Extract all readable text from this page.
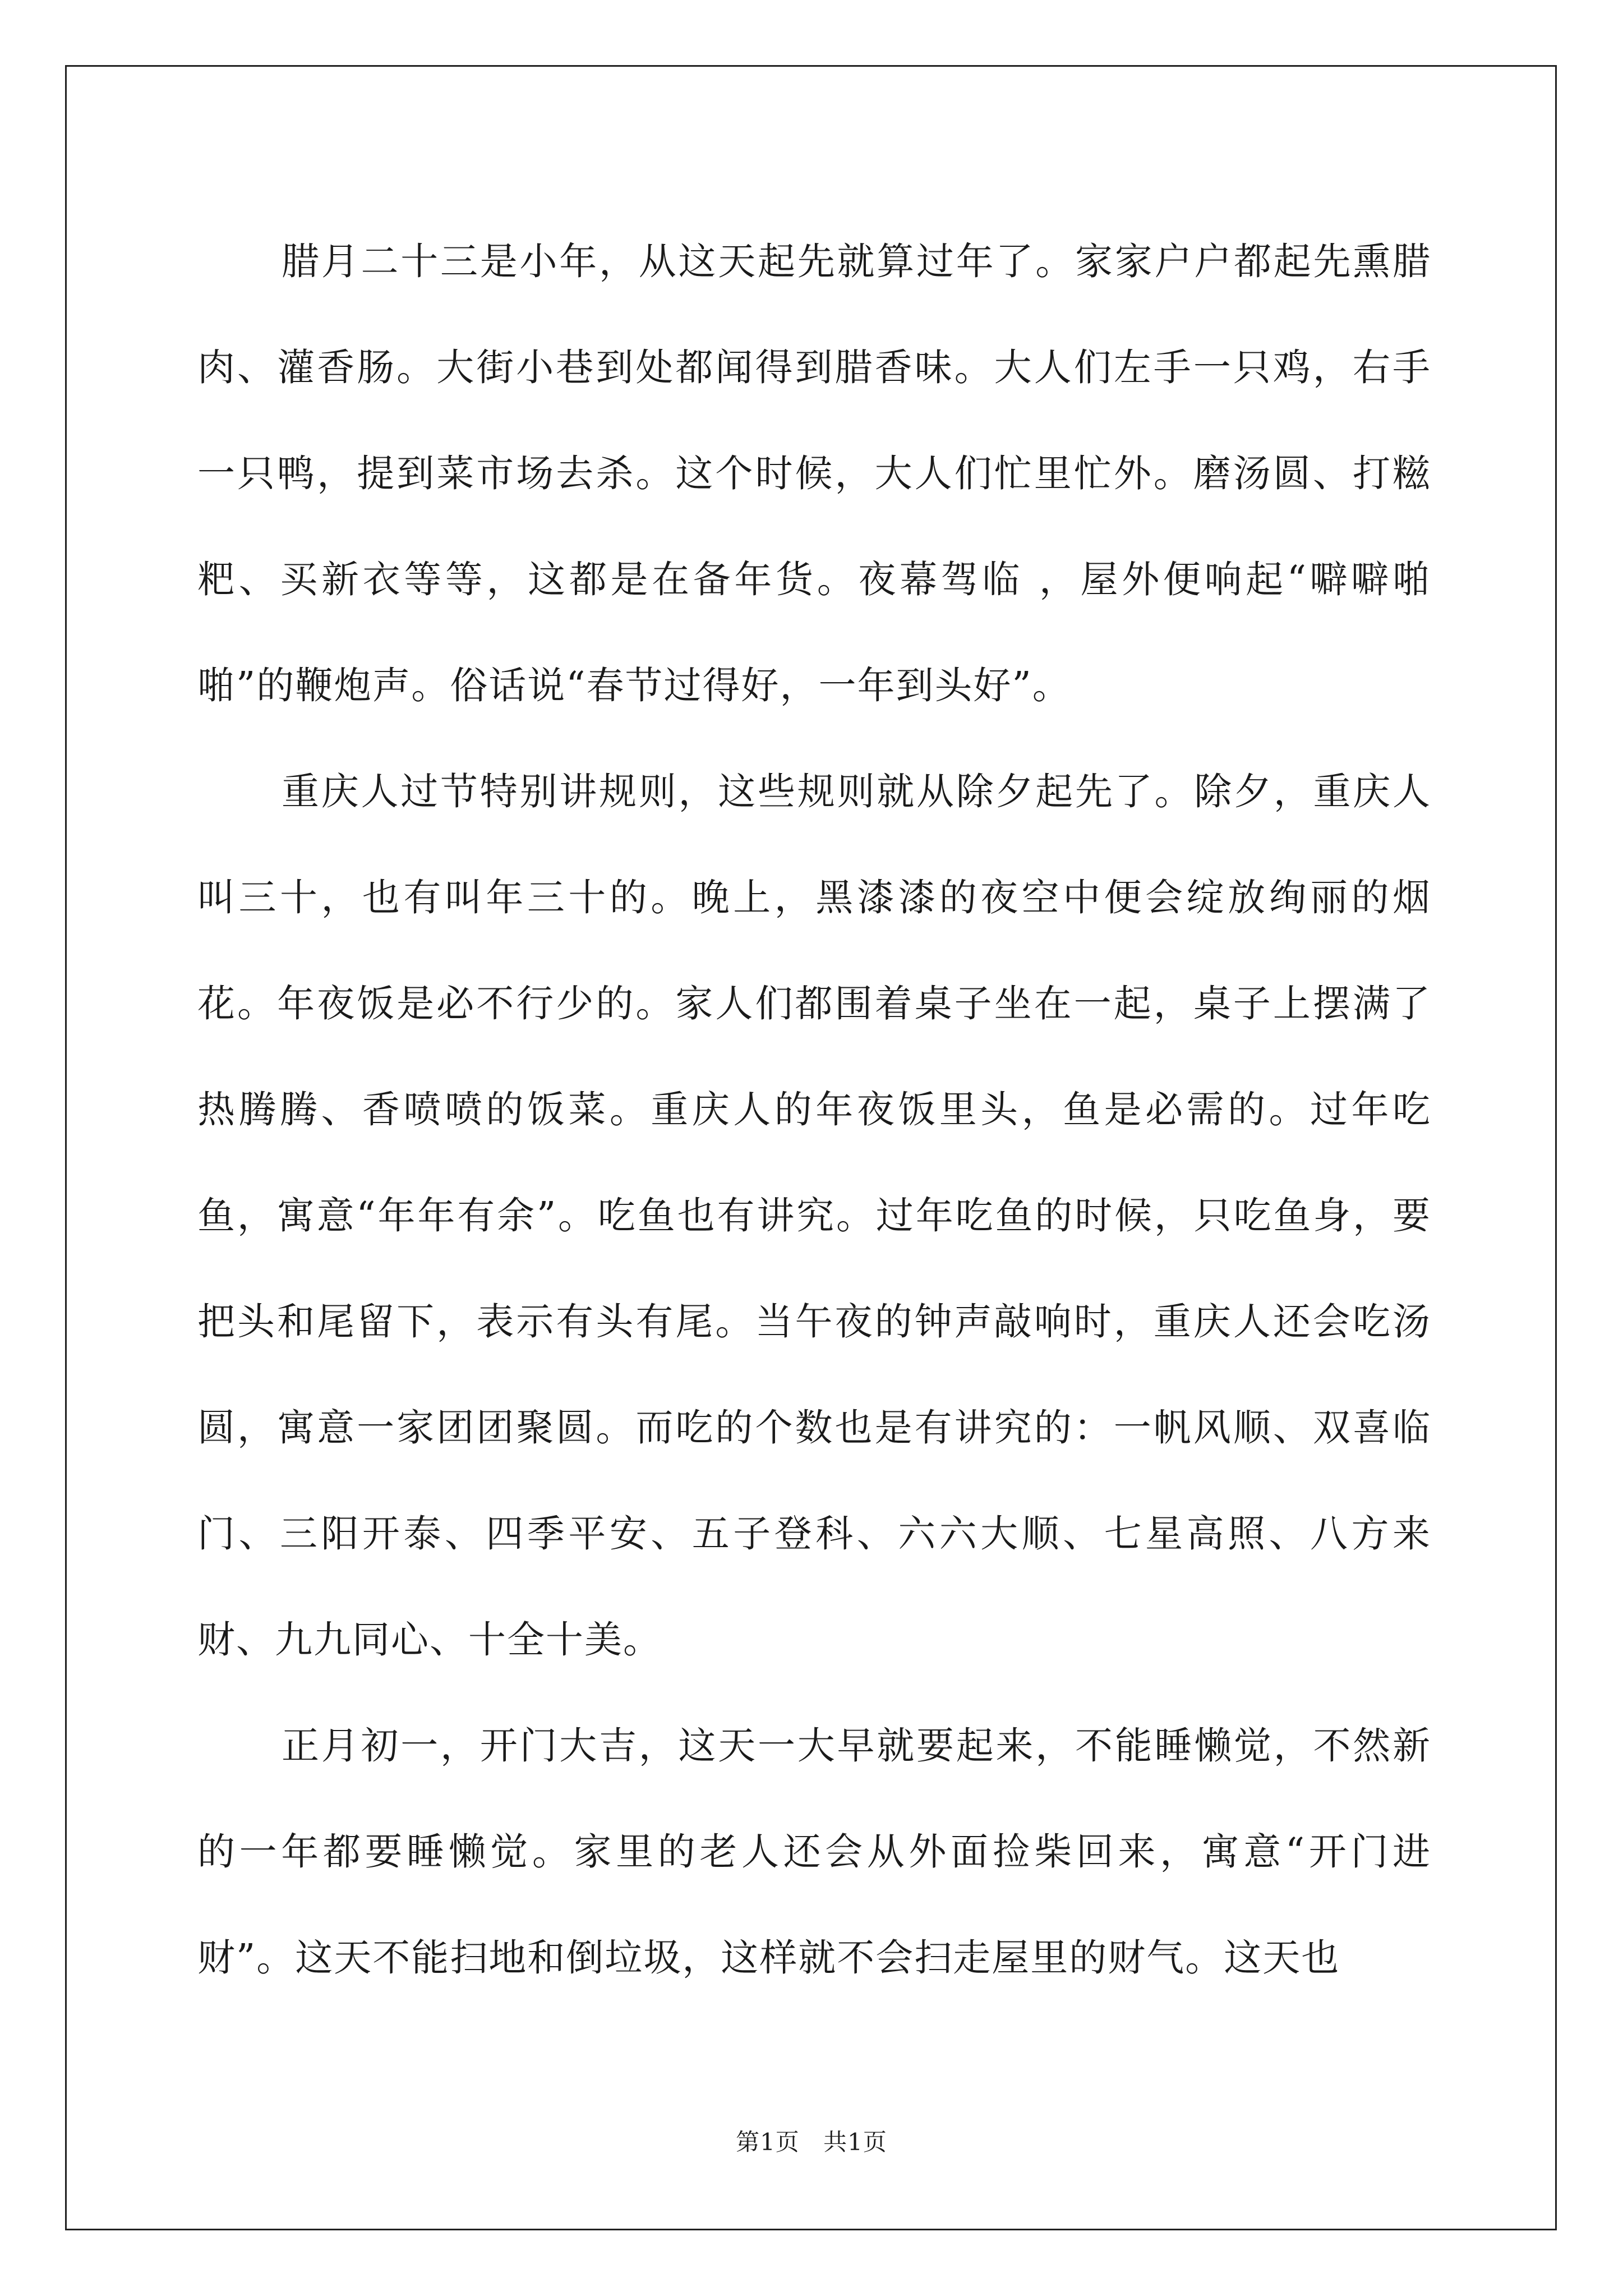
腊月二十三是小年，从这天起先就算过年了。家家户户都起先熏腊肉、灌香肠。大街小巷到处都闻得到腊香味。大人们左手一只鸡，右手一只鸭，提到菜市场去杀。这个时候，大人们忙里忙外。磨汤圆、打糍粑、买新衣等等，这都是在备年货。夜幕驾临 ，屋外便响起“噼噼啪啪”的鞭炮声。俗话说“春节过得好，一年到头好”。

重庆人过节特别讲规则，这些规则就从除夕起先了。除夕，重庆人叫三十，也有叫年三十的。晚上，黑漆漆的夜空中便会绽放绚丽的烟花。年夜饭是必不行少的。家人们都围着桌子坐在一起，桌子上摆满了热腾腾、香喷喷的饭菜。重庆人的年夜饭里头，鱼是必需的。过年吃鱼，寓意“年年有余”。吃鱼也有讲究。过年吃鱼的时候，只吃鱼身，要把头和尾留下，表示有头有尾。当午夜的钟声敲响时，重庆人还会吃汤圆，寓意一家团团聚圆。而吃的个数也是有讲究的：一帆风顺、双喜临门、三阳开泰、四季平安、五子登科、六六大顺、七星高照、八方来财、九九同心、十全十美。

正月初一，开门大吉，这天一大早就要起来，不能睡懒觉，不然新的一年都要睡懒觉。家里的老人还会从外面捡柴回来，寓意“开门进财”。这天不能扫地和倒垃圾，这样就不会扫走屋里的财气。这天也

第1页 共1页
